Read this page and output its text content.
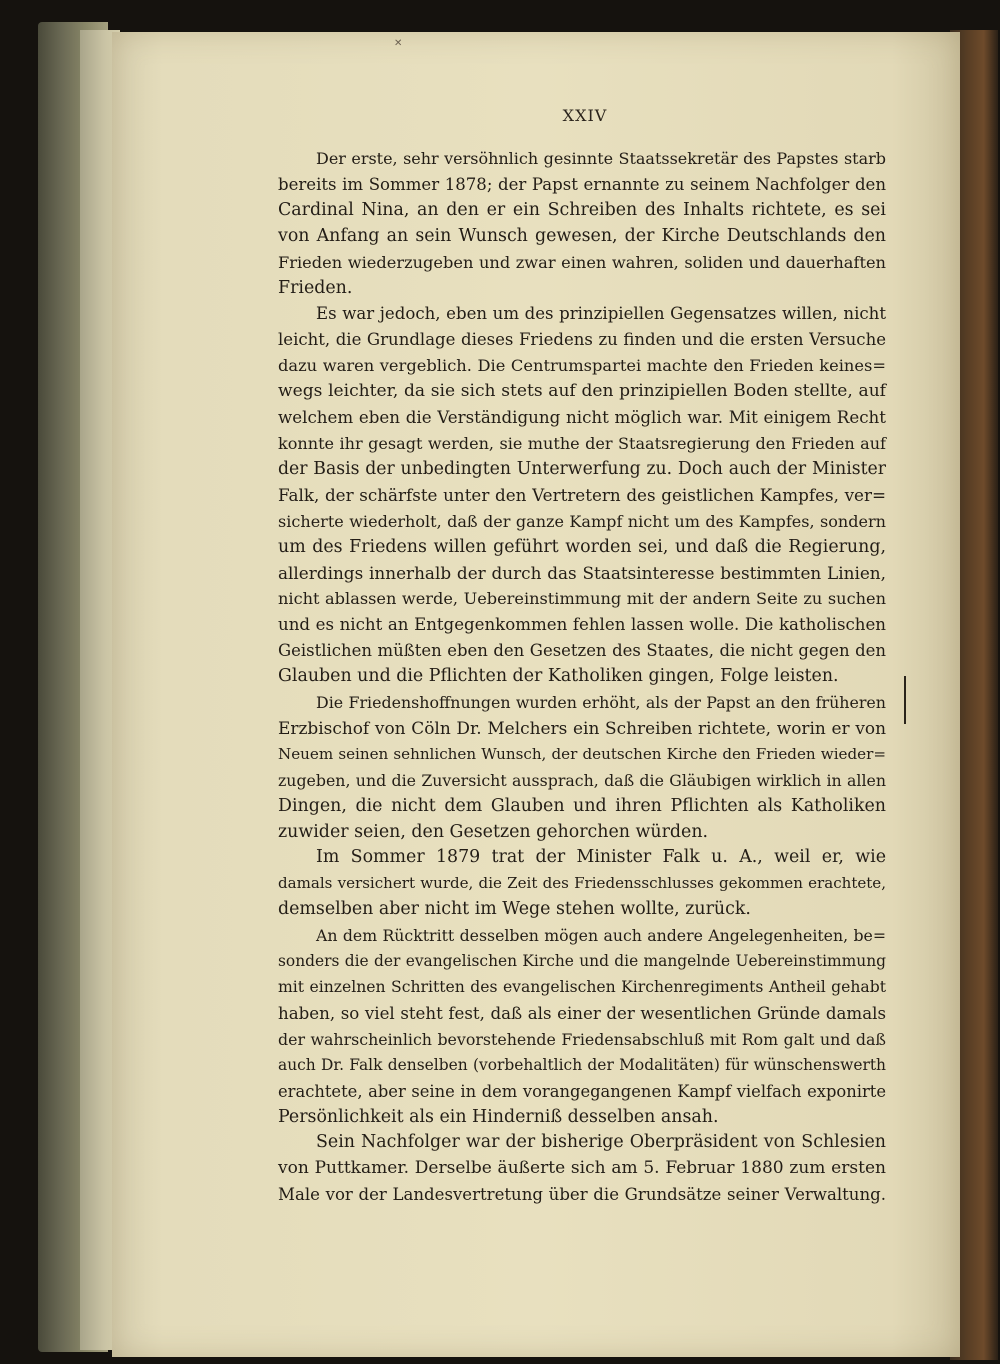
✕
XXIV
Der erste, sehr versöhnlich gesinnte Staatssekretär des Papstes starb
bereits im Sommer 1878; der Papst ernannte zu seinem Nachfolger den
Cardinal Nina, an den er ein Schreiben des Inhalts richtete, es sei
von Anfang an sein Wunsch gewesen, der Kirche Deutschlands den
Frieden wiederzugeben und zwar einen wahren, soliden und dauerhaften
Frieden.
Es war jedoch, eben um des prinzipiellen Gegensatzes willen, nicht
leicht, die Grundlage dieses Friedens zu finden und die ersten Versuche
dazu waren vergeblich. Die Centrumspartei machte den Frieden keines=
wegs leichter, da sie sich stets auf den prinzipiellen Boden stellte, auf
welchem eben die Verständigung nicht möglich war. Mit einigem Recht
konnte ihr gesagt werden, sie muthe der Staatsregierung den Frieden auf
der Basis der unbedingten Unterwerfung zu. Doch auch der Minister
Falk, der schärfste unter den Vertretern des geistlichen Kampfes, ver=
sicherte wiederholt, daß der ganze Kampf nicht um des Kampfes, sondern
um des Friedens willen geführt worden sei, und daß die Regierung,
allerdings innerhalb der durch das Staatsinteresse bestimmten Linien,
nicht ablassen werde, Uebereinstimmung mit der andern Seite zu suchen
und es nicht an Entgegenkommen fehlen lassen wolle. Die katholischen
Geistlichen müßten eben den Gesetzen des Staates, die nicht gegen den
Glauben und die Pflichten der Katholiken gingen, Folge leisten.
Die Friedenshoffnungen wurden erhöht, als der Papst an den früheren
Erzbischof von Cöln Dr. Melchers ein Schreiben richtete, worin er von
Neuem seinen sehnlichen Wunsch, der deutschen Kirche den Frieden wieder=
zugeben, und die Zuversicht aussprach, daß die Gläubigen wirklich in allen
Dingen, die nicht dem Glauben und ihren Pflichten als Katholiken
zuwider seien, den Gesetzen gehorchen würden.
Im Sommer 1879 trat der Minister Falk u. A., weil er, wie
damals versichert wurde, die Zeit des Friedensschlusses gekommen erachtete,
demselben aber nicht im Wege stehen wollte, zurück.
An dem Rücktritt desselben mögen auch andere Angelegenheiten, be=
sonders die der evangelischen Kirche und die mangelnde Uebereinstimmung
mit einzelnen Schritten des evangelischen Kirchenregiments Antheil gehabt
haben, so viel steht fest, daß als einer der wesentlichen Gründe damals
der wahrscheinlich bevorstehende Friedensabschluß mit Rom galt und daß
auch Dr. Falk denselben (vorbehaltlich der Modalitäten) für wünschenswerth
erachtete, aber seine in dem vorangegangenen Kampf vielfach exponirte
Persönlichkeit als ein Hinderniß desselben ansah.
Sein Nachfolger war der bisherige Oberpräsident von Schlesien
von Puttkamer. Derselbe äußerte sich am 5. Februar 1880 zum ersten
Male vor der Landesvertretung über die Grundsätze seiner Verwaltung.
